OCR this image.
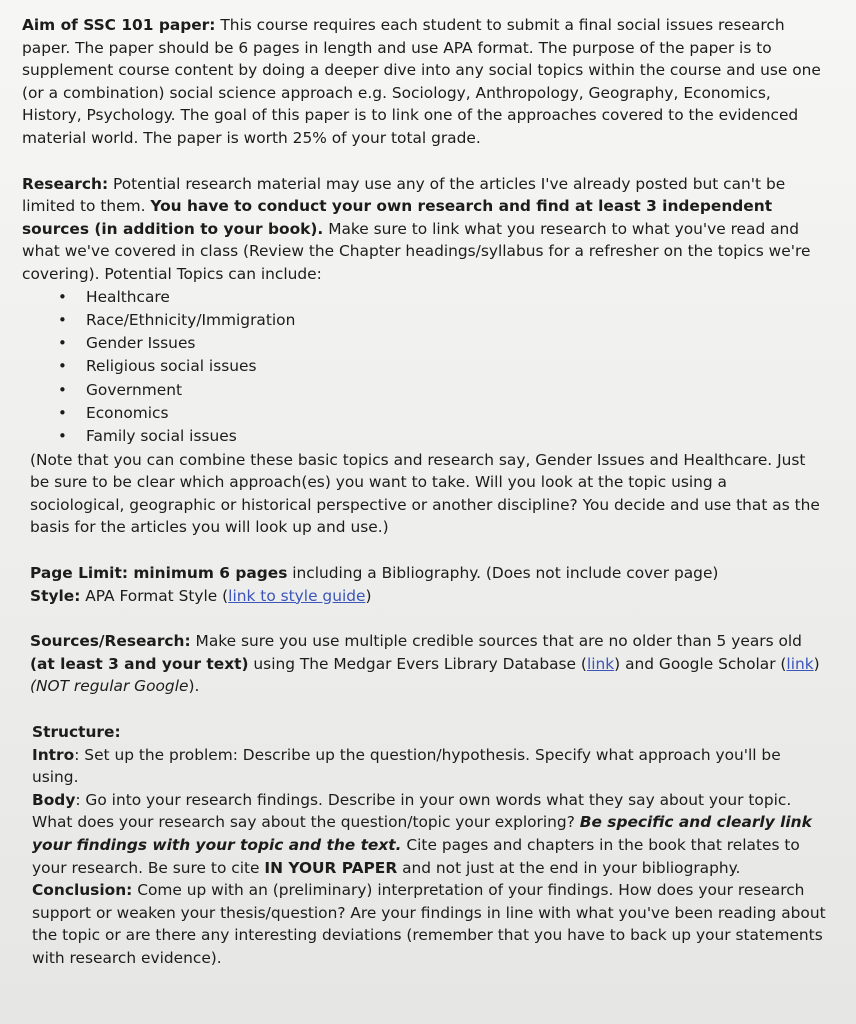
Aim of SSC 101 paper: This course requires each student to submit a final social issues research paper. The paper should be 6 pages in length and use APA format. The purpose of the paper is to supplement course content by doing a deeper dive into any social topics within the course and use one (or a combination) social science approach e.g. Sociology, Anthropology, Geography, Economics, History, Psychology. The goal of this paper is to link one of the approaches covered to the evidenced material world. The paper is worth 25% of your total grade.

Research: Potential research material may use any of the articles I've already posted but can't be limited to them. You have to conduct your own research and find at least 3 independent sources (in addition to your book). Make sure to link what you research to what you've read and what we've covered in class (Review the Chapter headings/syllabus for a refresher on the topics we're covering). Potential Topics can include:

• Healthcare
• Race/Ethnicity/Immigration
• Gender Issues
• Religious social issues
• Government
• Economics
• Family social issues

(Note that you can combine these basic topics and research say, Gender Issues and Healthcare. Just be sure to be clear which approach(es) you want to take. Will you look at the topic using a sociological, geographic or historical perspective or another discipline? You decide and use that as the basis for the articles you will look up and use.)

Page Limit: minimum 6 pages including a Bibliography. (Does not include cover page)

Style: APA Format Style (link to style guide)

Sources/Research: Make sure you use multiple credible sources that are no older than 5 years old (at least 3 and your text) using The Medgar Evers Library Database (link) and Google Scholar (link) (NOT regular Google).

Structure:

Intro: Set up the problem: Describe up the question/hypothesis. Specify what approach you'll be using.

Body: Go into your research findings. Describe in your own words what they say about your topic. What does your research say about the question/topic your exploring? Be specific and clearly link your findings with your topic and the text. Cite pages and chapters in the book that relates to your research. Be sure to cite IN YOUR PAPER and not just at the end in your bibliography.

Conclusion: Come up with an (preliminary) interpretation of your findings. How does your research support or weaken your thesis/question? Are your findings in line with what you've been reading about the topic or are there any interesting deviations (remember that you have to back up your statements with research evidence).
